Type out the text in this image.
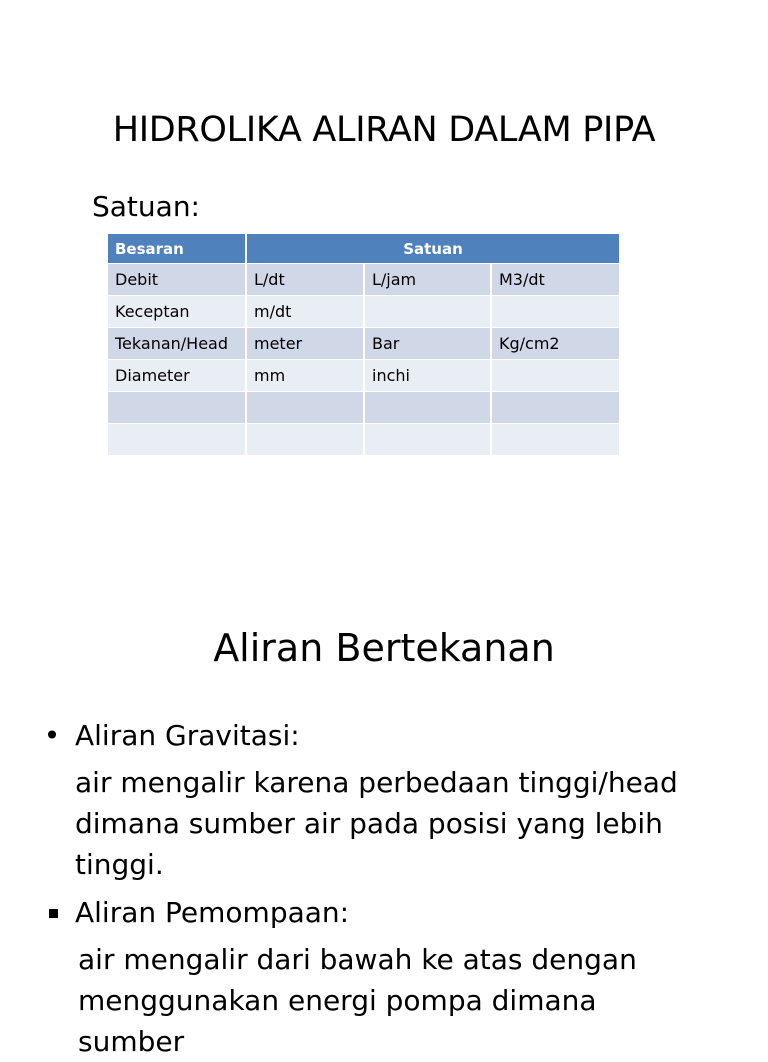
HIDROLIKA ALIRAN DALAM PIPA

Satuan:

Besaran	Satuan		
Debit	L/dt	L/jam	M3/dt
Keceptan	m/dt		
Tekanan/Head	meter	Bar	Kg/cm2
Diameter	mm	inchi	

Aliran Bertekanan
• Aliran Gravitasi:
air mengalir karena perbedaan tinggi/head dimana sumber air pada posisi yang lebih tinggi.
Aliran Pemompaan:
air mengalir dari bawah ke atas dengan menggunakan energi pompa dimana sumber
